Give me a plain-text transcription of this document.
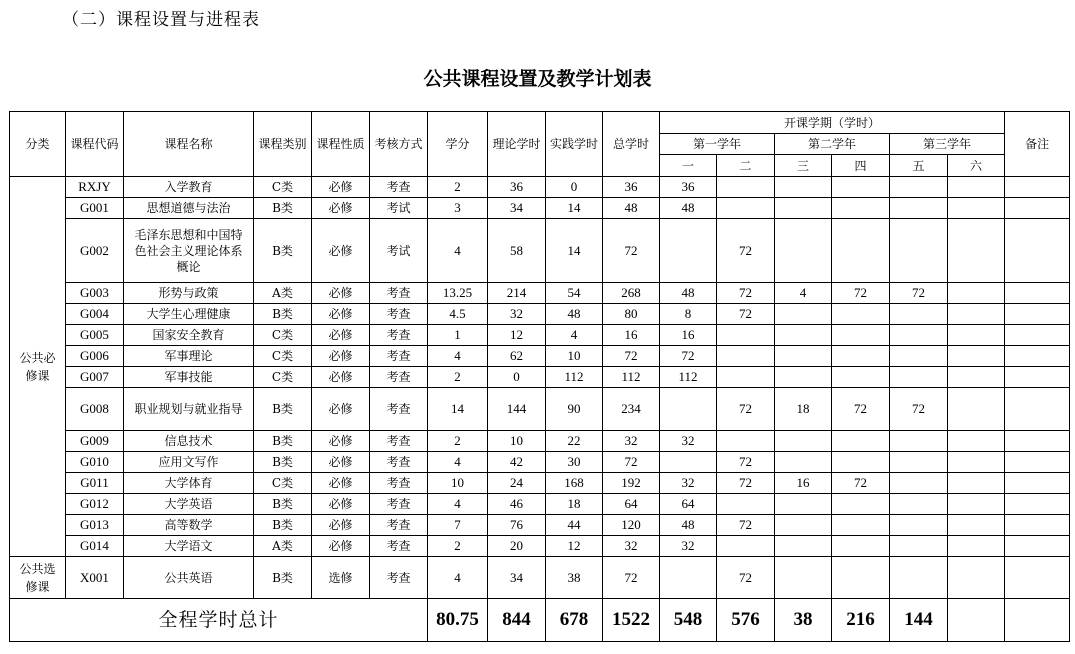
（二）课程设置与进程表
公共课程设置及教学计划表
分类	课程代码	课程名称	课程类别	课程性质	考核方式	学分	理论学时	实践学时	总学时	开课学期（学时）						备注
										第一学年		第二学年		第三学年		
										一	二	三	四	五	六	
公共必修课	RXJY	入学教育	C类	必修	考查	2	36	0	36	36						
	G001	思想道德与法治	B类	必修	考试	3	34	14	48	48						
	G002	毛泽东思想和中国特色社会主义理论体系概论	B类	必修	考试	4	58	14	72		72					
	G003	形势与政策	A类	必修	考查	13.25	214	54	268	48	72	4	72	72		
	G004	大学生心理健康	B类	必修	考查	4.5	32	48	80	8	72					
	G005	国家安全教育	C类	必修	考查	1	12	4	16	16						
	G006	军事理论	C类	必修	考查	4	62	10	72	72						
	G007	军事技能	C类	必修	考查	2	0	112	112	112						
	G008	职业规划与就业指导	B类	必修	考查	14	144	90	234		72	18	72	72		
	G009	信息技术	B类	必修	考查	2	10	22	32	32						
	G010	应用文写作	B类	必修	考查	4	42	30	72		72					
	G011	大学体育	C类	必修	考查	10	24	168	192	32	72	16	72			
	G012	大学英语	B类	必修	考查	4	46	18	64	64						
	G013	高等数学	B类	必修	考查	7	76	44	120	48	72					
	G014	大学语文	A类	必修	考查	2	20	12	32	32						
公共选修课	X001	公共英语	B类	选修	考查	4	34	38	72		72					
全程学时总计						80.75	844	678	1522	548	576	38	216	144		
